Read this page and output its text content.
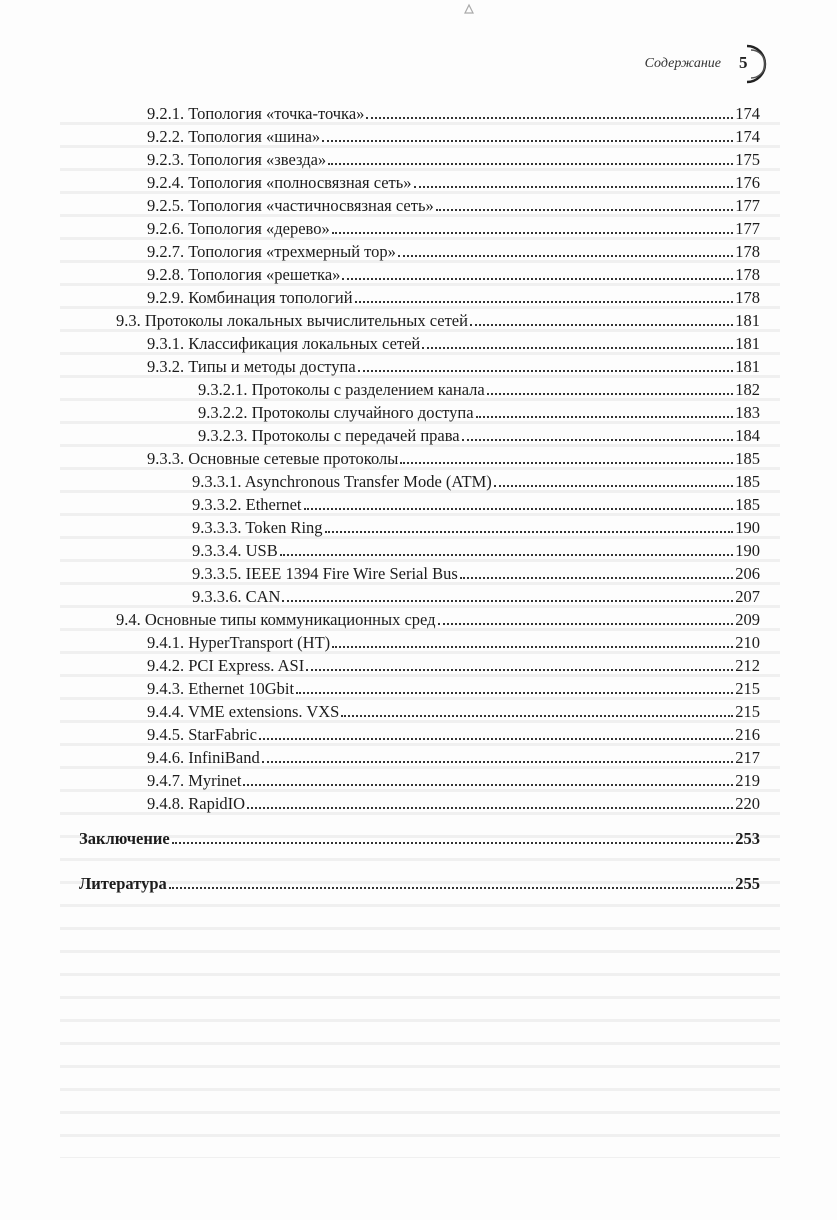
Содержание 5
9.2.1. Топология «точка-точка»	174
9.2.2. Топология «шина»	174
9.2.3. Топология «звезда»	175
9.2.4. Топология «полносвязная сеть»	176
9.2.5. Топология «частичносвязная сеть»	177
9.2.6. Топология «дерево»	177
9.2.7. Топология «трехмерный тор»	178
9.2.8. Топология «решетка»	178
9.2.9. Комбинация топологий	178
9.3. Протоколы локальных вычислительных сетей	181
9.3.1. Классификация локальных сетей	181
9.3.2. Типы и методы доступа	181
9.3.2.1. Протоколы с разделением канала	182
9.3.2.2. Протоколы случайного доступа	183
9.3.2.3. Протоколы с передачей права	184
9.3.3. Основные сетевые протоколы	185
9.3.3.1. Asynchronous Transfer Mode (ATM)	185
9.3.3.2. Ethernet	185
9.3.3.3. Token Ring	190
9.3.3.4. USB	190
9.3.3.5. IEEE 1394 Fire Wire Serial Bus	206
9.3.3.6. CAN	207
9.4. Основные типы коммуникационных сред	209
9.4.1. HyperTransport (HT)	210
9.4.2. PCI Express. ASI	212
9.4.3. Ethernet 10Gbit	215
9.4.4. VME extensions. VXS	215
9.4.5. StarFabric	216
9.4.6. InfiniBand	217
9.4.7. Myrinet	219
9.4.8. RapidIO	220
Заключение	253
Литература	255
